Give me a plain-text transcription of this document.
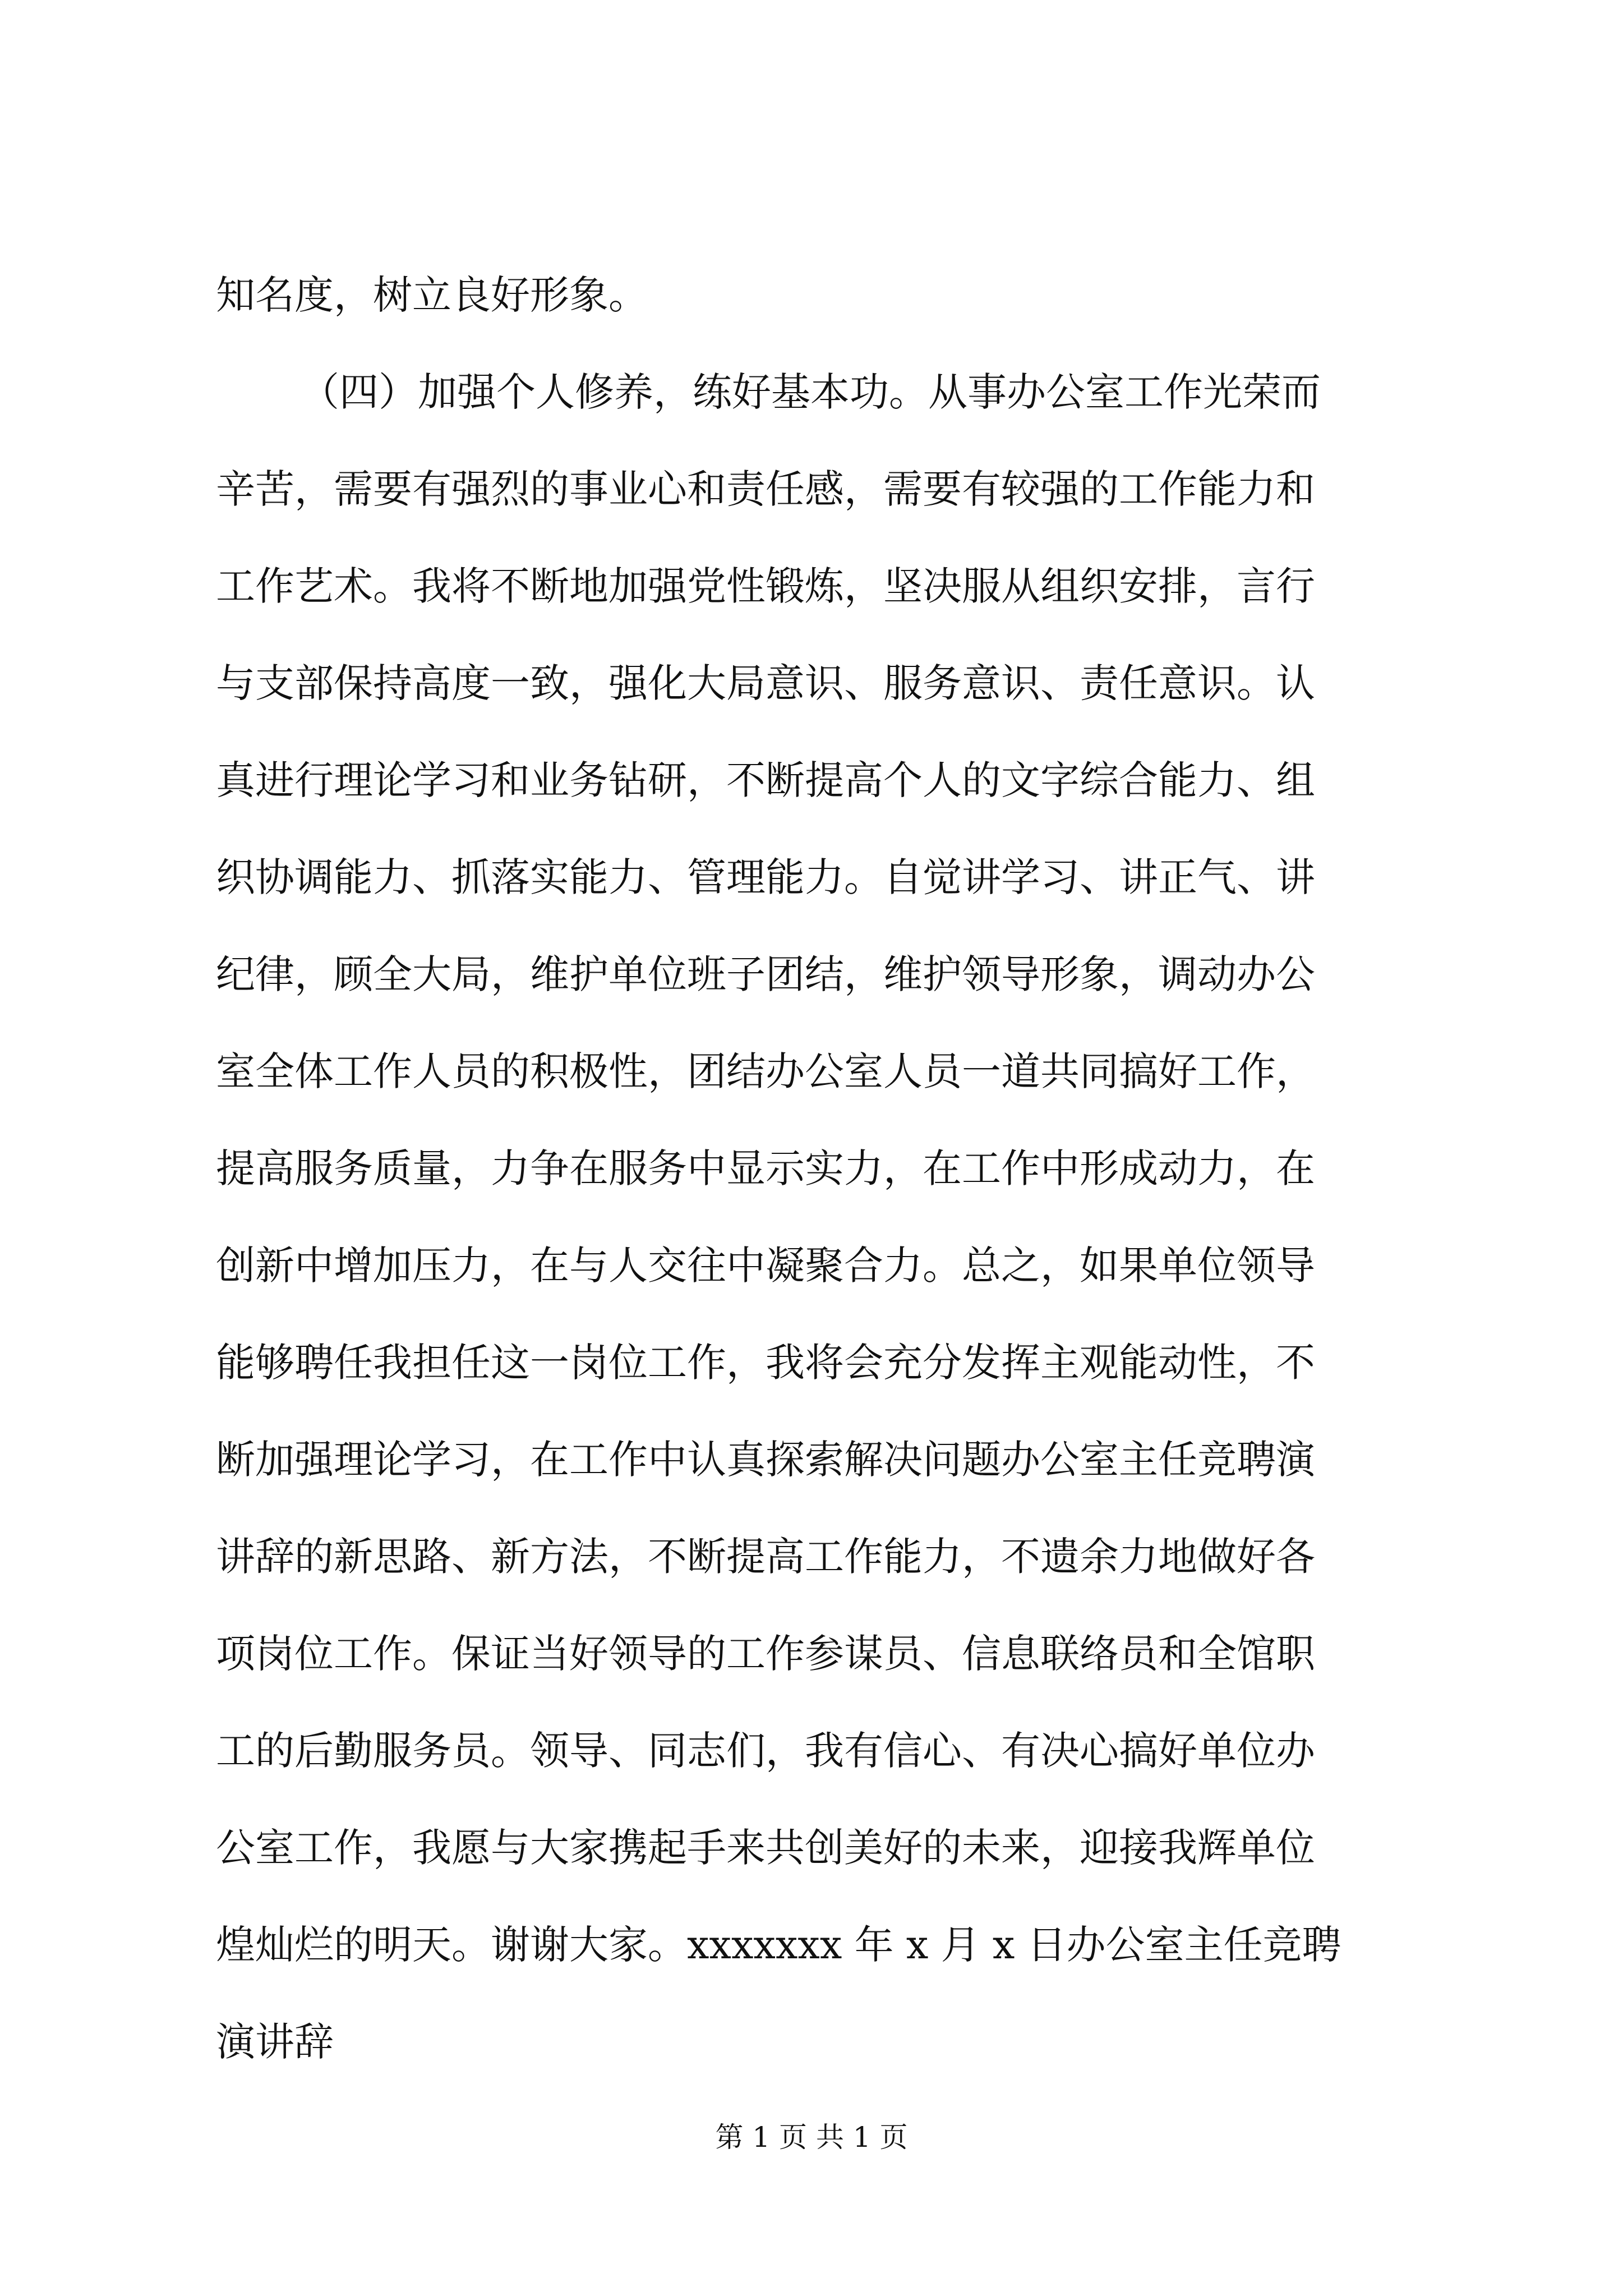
知名度，树立良好形象。
（四）加强个人修养，练好基本功。从事办公室工作光荣而
辛苦，需要有强烈的事业心和责任感，需要有较强的工作能力和
工作艺术。我将不断地加强党性锻炼，坚决服从组织安排，言行
与支部保持高度一致，强化大局意识、服务意识、责任意识。认
真进行理论学习和业务钻研，不断提高个人的文字综合能力、组
织协调能力、抓落实能力、管理能力。自觉讲学习、讲正气、讲
纪律，顾全大局，维护单位班子团结，维护领导形象，调动办公
室全体工作人员的积极性，团结办公室人员一道共同搞好工作，
提高服务质量，力争在服务中显示实力，在工作中形成动力，在
创新中增加压力，在与人交往中凝聚合力。总之，如果单位领导
能够聘任我担任这一岗位工作，我将会充分发挥主观能动性，不
断加强理论学习，在工作中认真探索解决问题办公室主任竞聘演
讲辞的新思路、新方法，不断提高工作能力，不遗余力地做好各
项岗位工作。保证当好领导的工作参谋员、信息联络员和全馆职
工的后勤服务员。领导、同志们，我有信心、有决心搞好单位办
公室工作，我愿与大家携起手来共创美好的未来，迎接我辉单位
煌灿烂的明天。谢谢大家。xxxxxxx 年 x 月 x 日办公室主任竞聘
演讲辞
第 1 页 共 1 页
